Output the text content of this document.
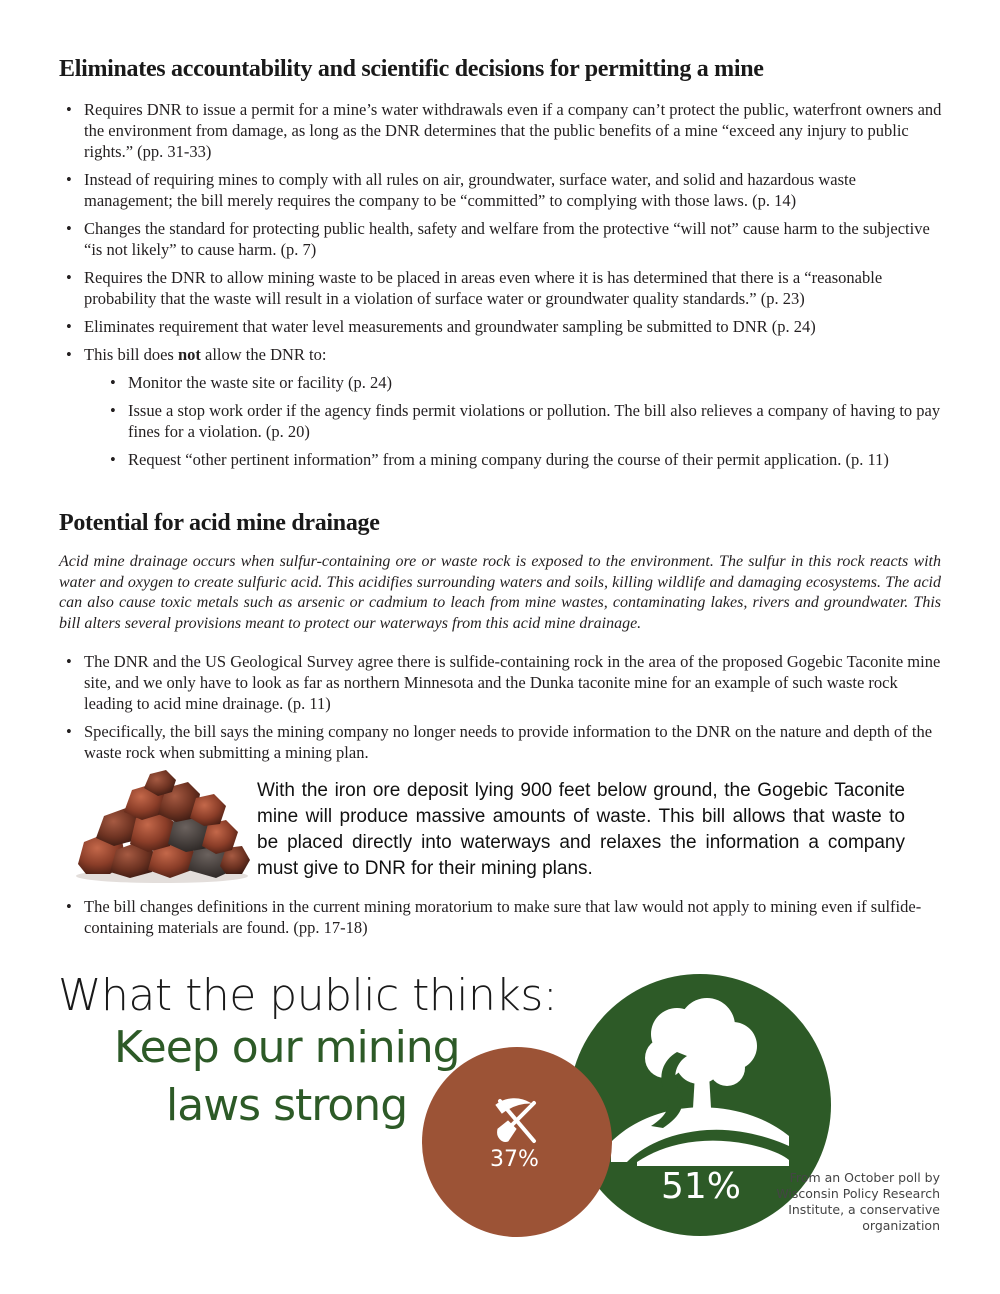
Eliminates accountability and scientific decisions for permitting a mine
• Requires DNR to issue a permit for a mine’s water withdrawals even if a company can’t protect the public, waterfront owners and the environment from damage, as long as the DNR determines that the public benefits of a mine “exceed any injury to public rights.” (pp. 31-33)
• Instead of requiring mines to comply with all rules on air, groundwater, surface water, and solid and hazardous waste management; the bill merely requires the company to be “committed” to complying with those laws. (p. 14)
• Changes the standard for protecting public health, safety and welfare from the protective “will not” cause harm to the subjective “is not likely” to cause harm. (p. 7)
• Requires the DNR to allow mining waste to be placed in areas even where it is has determined that there is a “reasonable probability that the waste will result in a violation of surface water or groundwater quality standards.” (p. 23)
• Eliminates requirement that water level measurements and groundwater sampling be submitted to DNR (p. 24)
• This bill does not allow the DNR to:
• Monitor the waste site or facility (p. 24)
• Issue a stop work order if the agency finds permit violations or pollution. The bill also relieves a company of having to pay fines for a violation. (p. 20)
• Request “other pertinent information” from a mining company during the course of their permit application. (p. 11)
Potential for acid mine drainage

Acid mine drainage occurs when sulfur-containing ore or waste rock is exposed to the environment. The sulfur in this rock reacts with water and oxygen to create sulfuric acid. This acidifies surrounding waters and soils, killing wildlife and damaging ecosystems. The acid can also cause toxic metals such as arsenic or cadmium to leach from mine wastes, contaminating lakes, rivers and groundwater. This bill alters several provisions meant to protect our waterways from this acid mine drainage.

• The DNR and the US Geological Survey agree there is sulfide-containing rock in the area of the proposed Gogebic Taconite mine site, and we only have to look as far as northern Minnesota and the Dunka taconite mine for an example of such waste rock leading to acid mine drainage. (p. 11)
• Specifically, the bill says the mining company no longer needs to provide information to the DNR on the nature and depth of the waste rock when submitting a mining plan.

With the iron ore deposit lying 900 feet below ground, the Gogebic Taconite mine will produce massive amounts of waste. This bill allows that waste to be placed directly into waterways and relaxes the information a company must give to DNR for their mining plans.

• The bill changes definitions in the current mining moratorium to make sure that law would not apply to mining even if sulfide-containing materials are found. (pp. 17-18)

What the public thinks:

Keep our mining

laws strong

51%

37%

From an October poll by Wisconsin Policy Research Institute, a conservative organization
